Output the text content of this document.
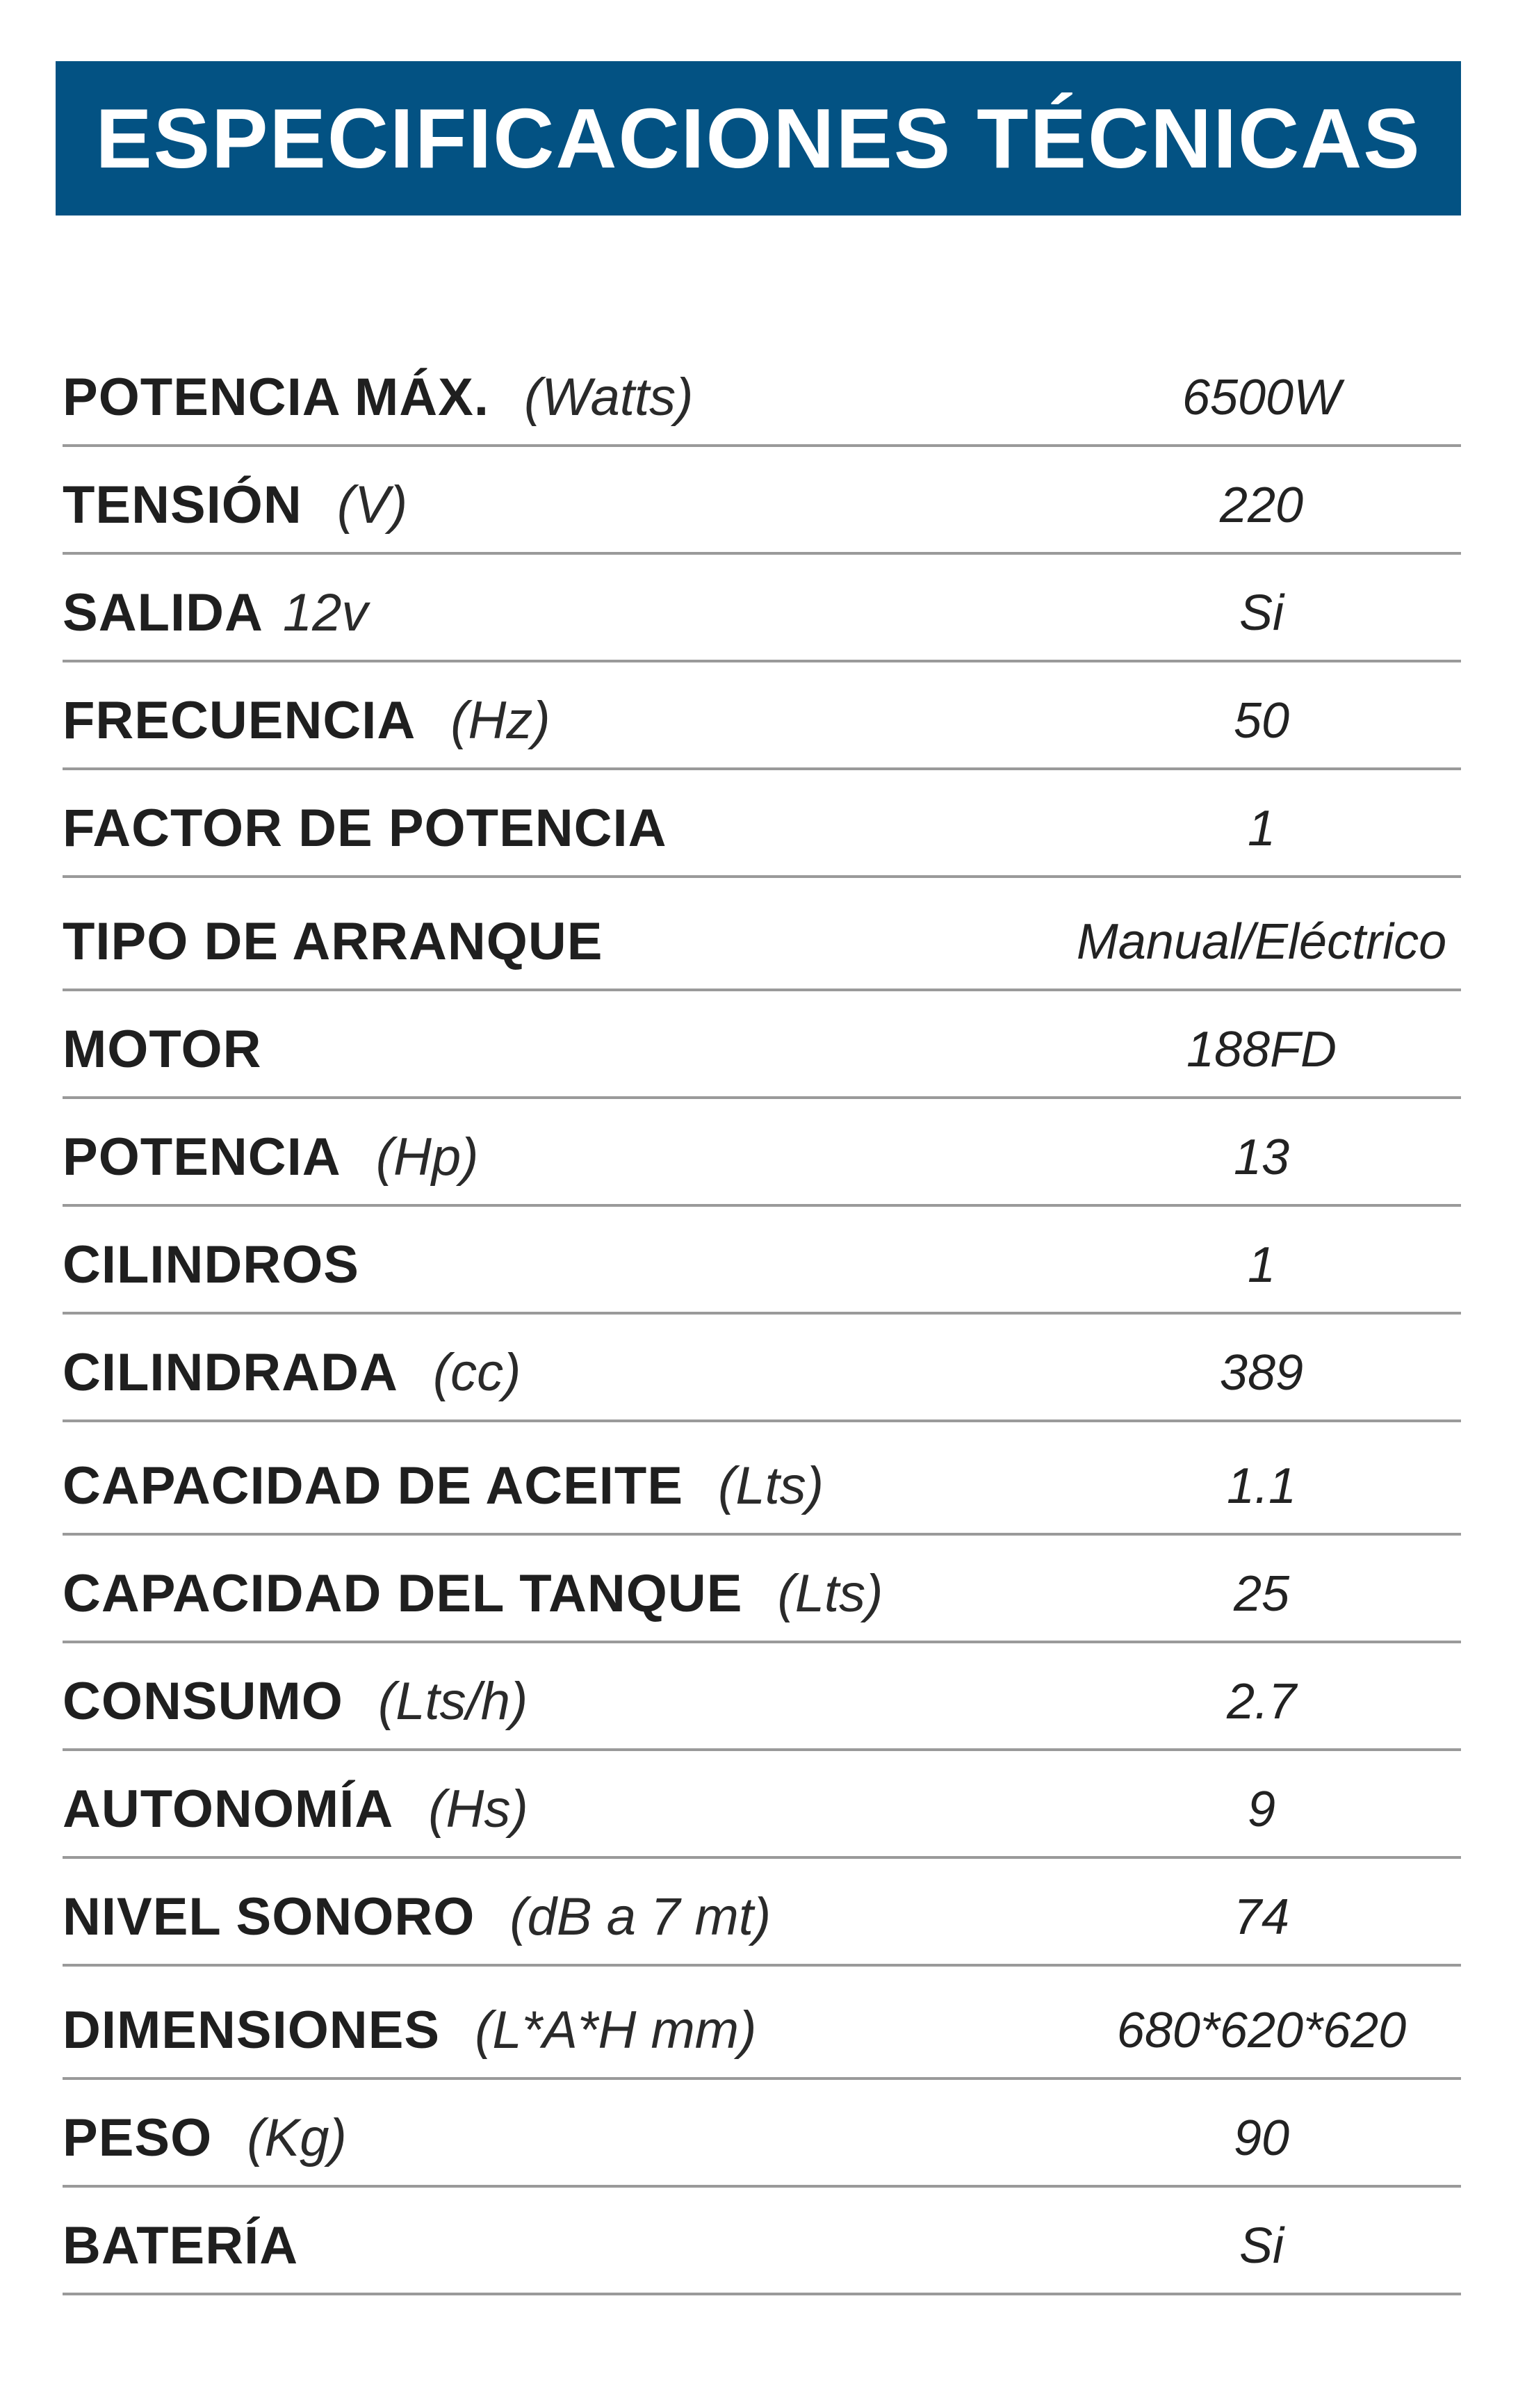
ESPECIFICACIONES TÉCNICAS
POTENCIA MÁX. (Watts)	6500W
TENSIÓN (V)	220
SALIDA 12v	Si
FRECUENCIA (Hz)	50
FACTOR DE POTENCIA	1
TIPO DE ARRANQUE	Manual/Eléctrico
MOTOR	188FD
POTENCIA (Hp)	13
CILINDROS	1
CILINDRADA (cc)	389
CAPACIDAD DE ACEITE (Lts)	1.1
CAPACIDAD DEL TANQUE (Lts)	25
CONSUMO (Lts/h)	2.7
AUTONOMÍA (Hs)	9
NIVEL SONORO (dB a 7 mt)	74
DIMENSIONES (L*A*H mm)	680*620*620
PESO (Kg)	90
BATERÍA	Si
